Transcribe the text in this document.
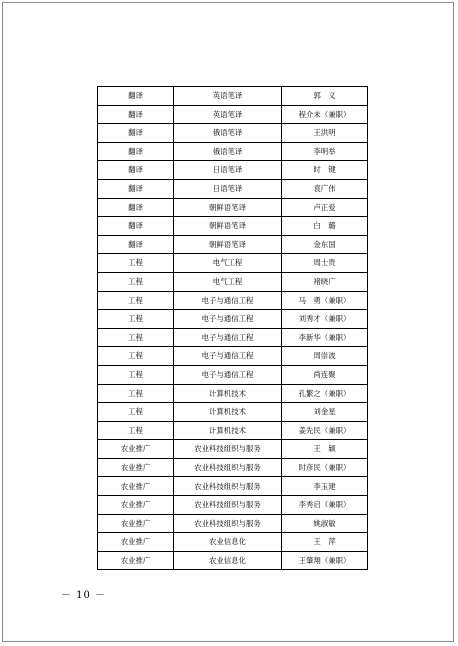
翻译	英语笔译	郭　义
翻译	英语笔译	程介未（兼职）
翻译	俄语笔译	王洪明
翻译	俄语笔译	李明举
翻译	日语笔译	时　键
翻译	日语笔译	袁广伟
翻译	朝鲜语笔译	卢正爱
翻译	朝鲜语笔译	白　璐
翻译	朝鲜语笔译	金东国
工程	电气工程	周士贵
工程	电气工程	褚晓广
工程	电子与通信工程	马　勇（兼职）
工程	电子与通信工程	刘秀才（兼职）
工程	电子与通信工程	李新华（兼职）
工程	电子与通信工程	周崇波
工程	电子与通信工程	尚连聚
工程	计算机技术	孔繁之（兼职）
工程	计算机技术	刘金星
工程	计算机技术	姜先民（兼职）
农业推广	农业科技组织与服务	王　颖
农业推广	农业科技组织与服务	时彦民（兼职）
农业推广	农业科技组织与服务	李玉建
农业推广	农业科技组织与服务	李秀启（兼职）
农业推广	农业科技组织与服务	姚淑敏
农业推广	农业信息化	王　萍
农业推广	农业信息化	王肇翔（兼职）
－ 10 －
